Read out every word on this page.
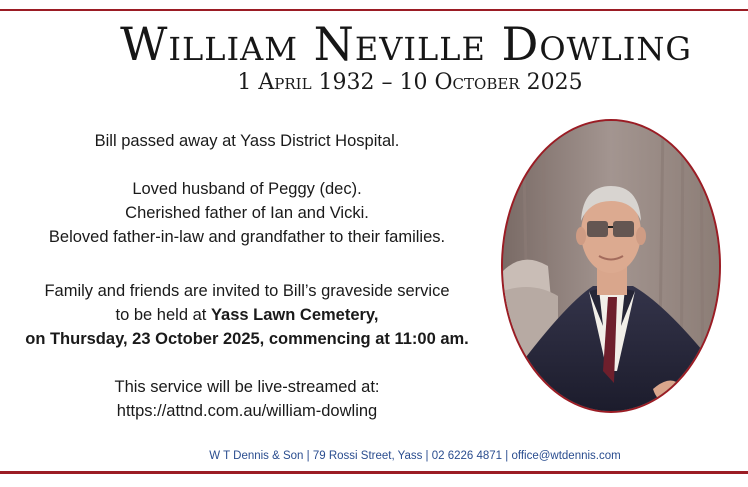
William Neville Dowling
1 April 1932 – 10 October 2025
Bill passed away at Yass District Hospital.
Loved husband of Peggy (dec).
Cherished father of Ian and Vicki.
Beloved father-in-law and grandfather to their families.
Family and friends are invited to Bill’s graveside service
to be held at Yass Lawn Cemetery,
on Thursday, 23 October 2025, commencing at 11:00 am.
This service will be live-streamed at:
https://attnd.com.au/william-dowling
W T Dennis & Son | 79 Rossi Street, Yass | 02 6226 4871 | office@wtdennis.com
